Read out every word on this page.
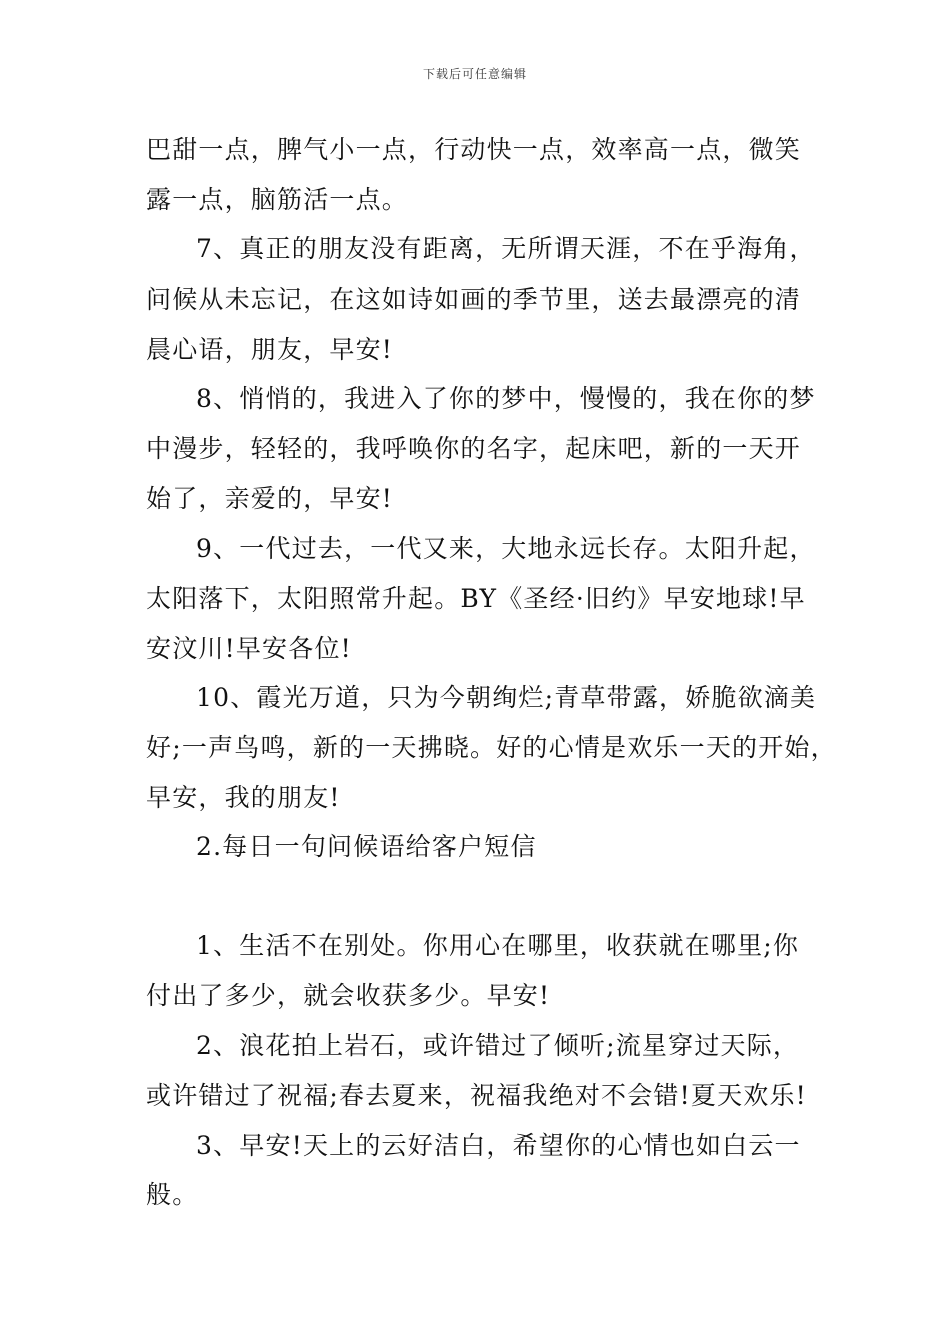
下载后可任意编辑
巴甜一点，脾气小一点，行动快一点，效率高一点，微笑
露一点，脑筋活一点。
7、真正的朋友没有距离，无所谓天涯，不在乎海角，
问候从未忘记，在这如诗如画的季节里，送去最漂亮的清
晨心语，朋友，早安!
8、悄悄的，我进入了你的梦中，慢慢的，我在你的梦
中漫步，轻轻的，我呼唤你的名字，起床吧，新的一天开
始了，亲爱的，早安!
9、一代过去，一代又来，大地永远长存。太阳升起，
太阳落下，太阳照常升起。BY《圣经·旧约》早安地球!早
安汶川!早安各位!
10、霞光万道，只为今朝绚烂;青草带露，娇脆欲滴美
好;一声鸟鸣，新的一天拂晓。好的心情是欢乐一天的开始，
早安，我的朋友!
2.每日一句问候语给客户短信
1、生活不在别处。你用心在哪里，收获就在哪里;你
付出了多少，就会收获多少。早安!
2、浪花拍上岩石，或许错过了倾听;流星穿过天际，
或许错过了祝福;春去夏来，祝福我绝对不会错!夏天欢乐!
3、早安!天上的云好洁白，希望你的心情也如白云一
般。
